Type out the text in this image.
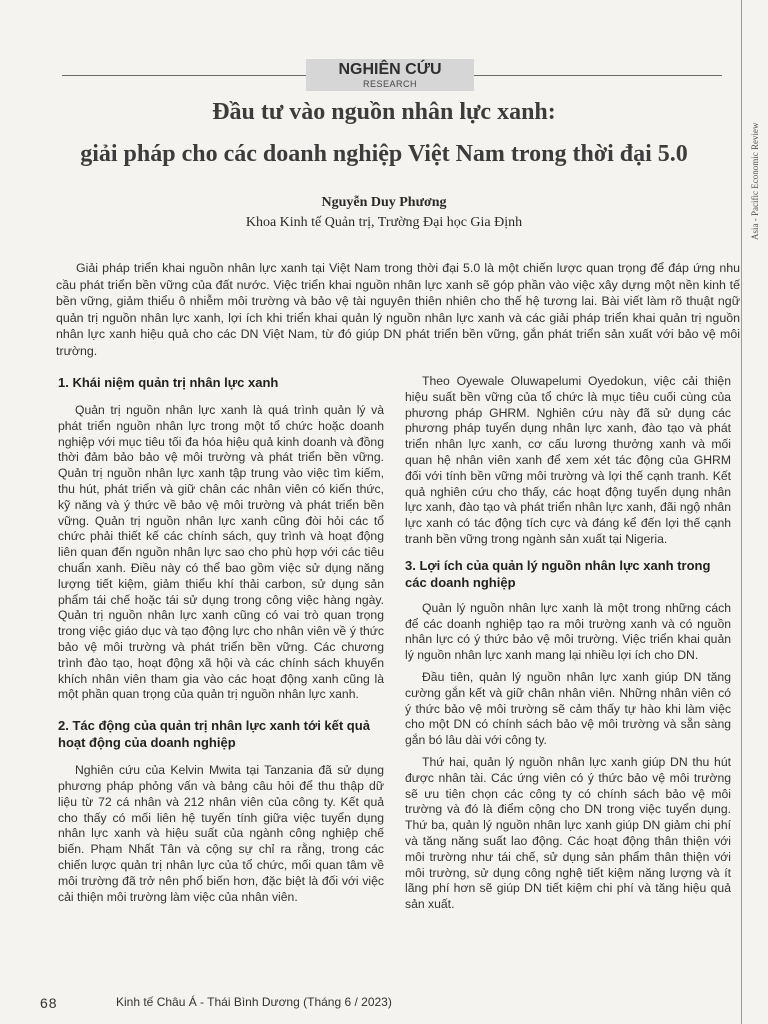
NGHIÊN CỨU
RESEARCH
Asia - Pacific Economic Review
Đầu tư vào nguồn nhân lực xanh:
giải pháp cho các doanh nghiệp Việt Nam trong thời đại 5.0
Nguyễn Duy Phương
Khoa Kinh tế Quản trị, Trường Đại học Gia Định

Giải pháp triển khai nguồn nhân lực xanh tại Việt Nam trong thời đại 5.0 là một chiến lược quan trọng để đáp ứng nhu cầu phát triển bền vững của đất nước. Việc triển khai nguồn nhân lực xanh sẽ góp phần vào việc xây dựng một nền kinh tế bền vững, giảm thiểu ô nhiễm môi trường và bảo vệ tài nguyên thiên nhiên cho thế hệ tương lai. Bài viết làm rõ thuật ngữ quản trị nguồn nhân lực xanh, lợi ích khi triển khai quản lý nguồn nhân lực xanh và các giải pháp triển khai quản trị nguồn nhân lực xanh hiệu quả cho các DN Việt Nam, từ đó giúp DN phát triển bền vững, gắn phát triển sản xuất với bảo vệ môi trường.

1. Khái niệm quản trị nhân lực xanh

Quản trị nguồn nhân lực xanh là quá trình quản lý và phát triển nguồn nhân lực trong một tổ chức hoặc doanh nghiệp với mục tiêu tối đa hóa hiệu quả kinh doanh và đồng thời đảm bảo bảo vệ môi trường và phát triển bền vững. Quản trị nguồn nhân lực xanh tập trung vào việc tìm kiếm, thu hút, phát triển và giữ chân các nhân viên có kiến thức, kỹ năng và ý thức về bảo vệ môi trường và phát triển bền vững. Quản trị nguồn nhân lực xanh cũng đòi hỏi các tổ chức phải thiết kế các chính sách, quy trình và hoạt động liên quan đến nguồn nhân lực sao cho phù hợp với các tiêu chuẩn xanh. Điều này có thể bao gồm việc sử dụng năng lượng tiết kiệm, giảm thiểu khí thải carbon, sử dụng sản phẩm tái chế hoặc tái sử dụng trong công việc hàng ngày. Quản trị nguồn nhân lực xanh cũng có vai trò quan trọng trong việc giáo dục và tạo động lực cho nhân viên về ý thức bảo vệ môi trường và phát triển bền vững. Các chương trình đào tạo, hoạt động xã hội và các chính sách khuyến khích nhân viên tham gia vào các hoạt động xanh cũng là một phần quan trọng của quản trị nguồn nhân lực xanh.

2. Tác động của quản trị nhân lực xanh tới kết quả hoạt động của doanh nghiệp

Nghiên cứu của Kelvin Mwita tại Tanzania đã sử dụng phương pháp phỏng vấn và bảng câu hỏi để thu thập dữ liệu từ 72 cá nhân và 212 nhân viên của công ty. Kết quả cho thấy có mối liên hệ tuyến tính giữa việc tuyển dụng nhân lực xanh và hiệu suất của ngành công nghiệp chế biến. Phạm Nhất Tân và cộng sự chỉ ra rằng, trong các chiến lược quản trị nhân lực của tổ chức, mối quan tâm về môi trường đã trở nên phổ biến hơn, đặc biệt là đối với việc cải thiện môi trường làm việc của nhân viên.

Theo Oyewale Oluwapelumi Oyedokun, việc cải thiện hiệu suất bền vững của tổ chức là mục tiêu cuối cùng của phương pháp GHRM. Nghiên cứu này đã sử dụng các phương pháp tuyển dụng nhân lực xanh, đào tạo và phát triển nhân lực xanh, cơ cấu lương thưởng xanh và mối quan hệ nhân viên xanh để xem xét tác động của GHRM đối với tính bền vững môi trường và lợi thế cạnh tranh. Kết quả nghiên cứu cho thấy, các hoạt động tuyển dụng nhân lực xanh, đào tạo và phát triển nhân lực xanh, đãi ngộ nhân lực xanh có tác động tích cực và đáng kể đến lợi thế cạnh tranh bền vững trong ngành sản xuất tại Nigeria.

3. Lợi ích của quản lý nguồn nhân lực xanh trong các doanh nghiệp

Quản lý nguồn nhân lực xanh là một trong những cách để các doanh nghiệp tạo ra môi trường xanh và có nguồn nhân lực có ý thức bảo vệ môi trường. Việc triển khai quản lý nguồn nhân lực xanh mang lại nhiều lợi ích cho DN.

Đầu tiên, quản lý nguồn nhân lực xanh giúp DN tăng cường gắn kết và giữ chân nhân viên. Những nhân viên có ý thức bảo vệ môi trường sẽ cảm thấy tự hào khi làm việc cho một DN có chính sách bảo vệ môi trường và sẵn sàng gắn bó lâu dài với công ty.

Thứ hai, quản lý nguồn nhân lực xanh giúp DN thu hút được nhân tài. Các ứng viên có ý thức bảo vệ môi trường sẽ ưu tiên chọn các công ty có chính sách bảo vệ môi trường và đó là điểm cộng cho DN trong việc tuyển dụng. Thứ ba, quản lý nguồn nhân lực xanh giúp DN giảm chi phí và tăng năng suất lao động. Các hoạt động thân thiện với môi trường như tái chế, sử dụng sản phẩm thân thiện với môi trường, sử dụng công nghệ tiết kiệm năng lượng và ít lãng phí hơn sẽ giúp DN tiết kiệm chi phí và tăng hiệu quả sản xuất.

68	Kinh tế Châu Á - Thái Bình Dương (Tháng 6 / 2023)
